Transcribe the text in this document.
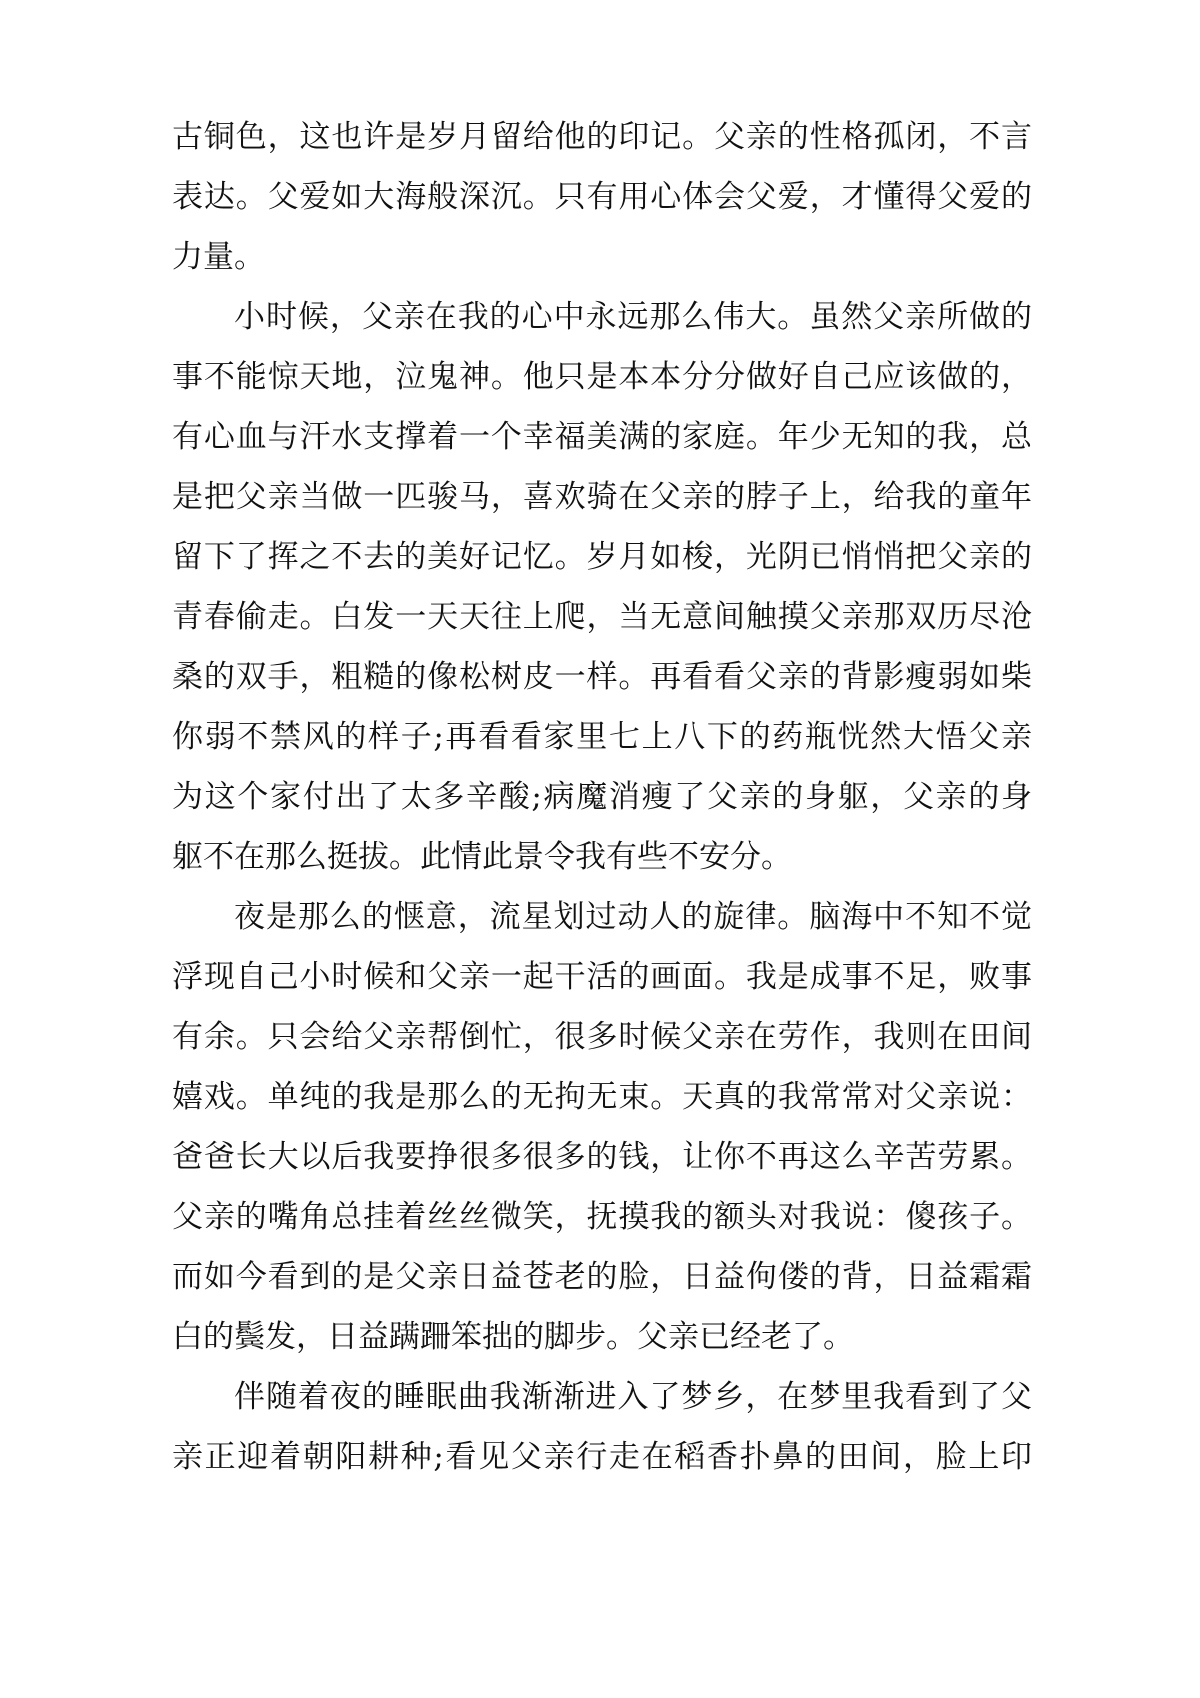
古铜色，这也许是岁月留给他的印记。父亲的性格孤闭，不言
表达。父爱如大海般深沉。只有用心体会父爱，才懂得父爱的
力量。
小时候，父亲在我的心中永远那么伟大。虽然父亲所做的
事不能惊天地，泣鬼神。他只是本本分分做好自己应该做的，
有心血与汗水支撑着一个幸福美满的家庭。年少无知的我，总
是把父亲当做一匹骏马，喜欢骑在父亲的脖子上，给我的童年
留下了挥之不去的美好记忆。岁月如梭，光阴已悄悄把父亲的
青春偷走。白发一天天往上爬，当无意间触摸父亲那双历尽沧
桑的双手，粗糙的像松树皮一样。再看看父亲的背影瘦弱如柴
你弱不禁风的样子;再看看家里七上八下的药瓶恍然大悟父亲
为这个家付出了太多辛酸;病魔消瘦了父亲的身躯，父亲的身
躯不在那么挺拔。此情此景令我有些不安分。
夜是那么的惬意，流星划过动人的旋律。脑海中不知不觉
浮现自己小时候和父亲一起干活的画面。我是成事不足，败事
有余。只会给父亲帮倒忙，很多时候父亲在劳作，我则在田间
嬉戏。单纯的我是那么的无拘无束。天真的我常常对父亲说：
爸爸长大以后我要挣很多很多的钱，让你不再这么辛苦劳累。
父亲的嘴角总挂着丝丝微笑，抚摸我的额头对我说：傻孩子。
而如今看到的是父亲日益苍老的脸，日益佝偻的背，日益霜霜
白的鬓发，日益蹒跚笨拙的脚步。父亲已经老了。
伴随着夜的睡眠曲我渐渐进入了梦乡，在梦里我看到了父
亲正迎着朝阳耕种;看见父亲行走在稻香扑鼻的田间，脸上印
